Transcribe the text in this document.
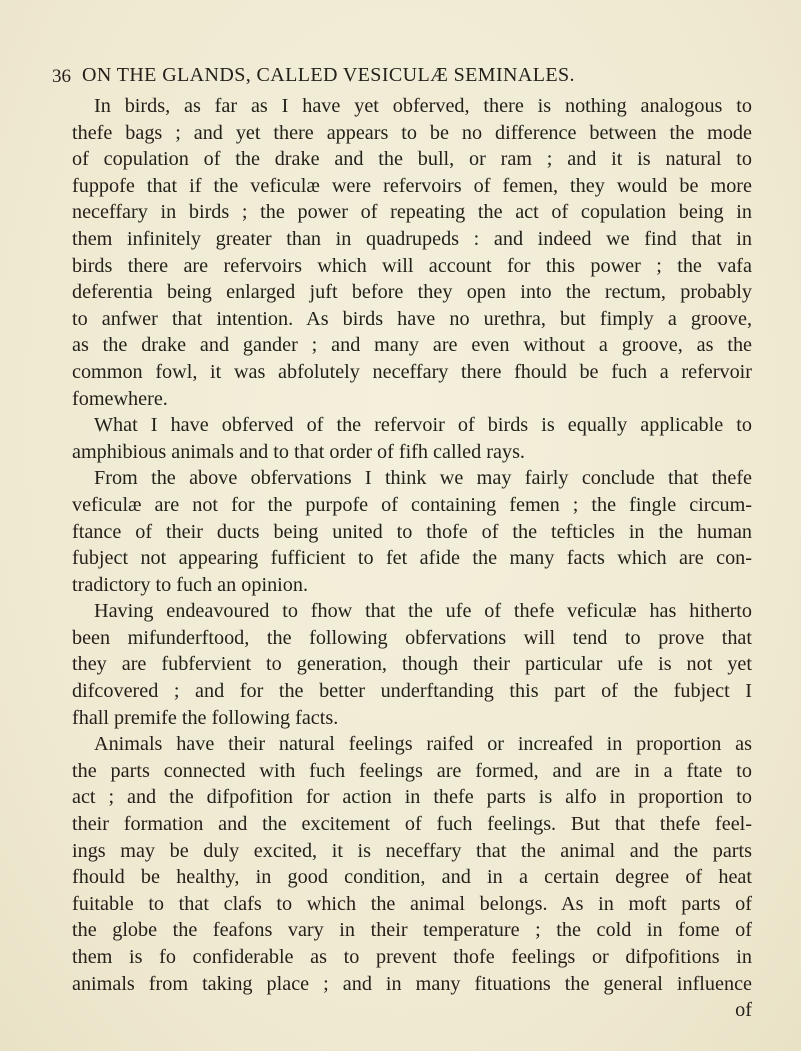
36 ON THE GLANDS, CALLED VESICULÆ SEMINALES.
In birds, as far as I have yet obferved, there is nothing analogous to
thefe bags ; and yet there appears to be no difference between the mode
of copulation of the drake and the bull, or ram ; and it is natural to
fuppofe that if the veficulæ were refervoirs of femen, they would be more
neceffary in birds ; the power of repeating the act of copulation being in
them infinitely greater than in quadrupeds : and indeed we find that in
birds there are refervoirs which will account for this power ; the vafa
deferentia being enlarged juft before they open into the rectum, probably
to anfwer that intention. As birds have no urethra, but fimply a groove,
as the drake and gander ; and many are even without a groove, as the
common fowl, it was abfolutely neceffary there fhould be fuch a refervoir
fomewhere.
What I have obferved of the refervoir of birds is equally applicable to
amphibious animals and to that order of fifh called rays.
From the above obfervations I think we may fairly conclude that thefe
veficulæ are not for the purpofe of containing femen ; the fingle circum-
ftance of their ducts being united to thofe of the tefticles in the human
fubject not appearing fufficient to fet afide the many facts which are con-
tradictory to fuch an opinion.
Having endeavoured to fhow that the ufe of thefe veficulæ has hitherto
been mifunderftood, the following obfervations will tend to prove that
they are fubfervient to generation, though their particular ufe is not yet
difcovered ; and for the better underftanding this part of the fubject I
fhall premife the following facts.
Animals have their natural feelings raifed or increafed in proportion as
the parts connected with fuch feelings are formed, and are in a ftate to
act ; and the difpofition for action in thefe parts is alfo in proportion to
their formation and the excitement of fuch feelings. But that thefe feel-
ings may be duly excited, it is neceffary that the animal and the parts
fhould be healthy, in good condition, and in a certain degree of heat
fuitable to that clafs to which the animal belongs. As in moft parts of
the globe the feafons vary in their temperature ; the cold in fome of
them is fo confiderable as to prevent thofe feelings or difpofitions in
animals from taking place ; and in many fituations the general influence
of
